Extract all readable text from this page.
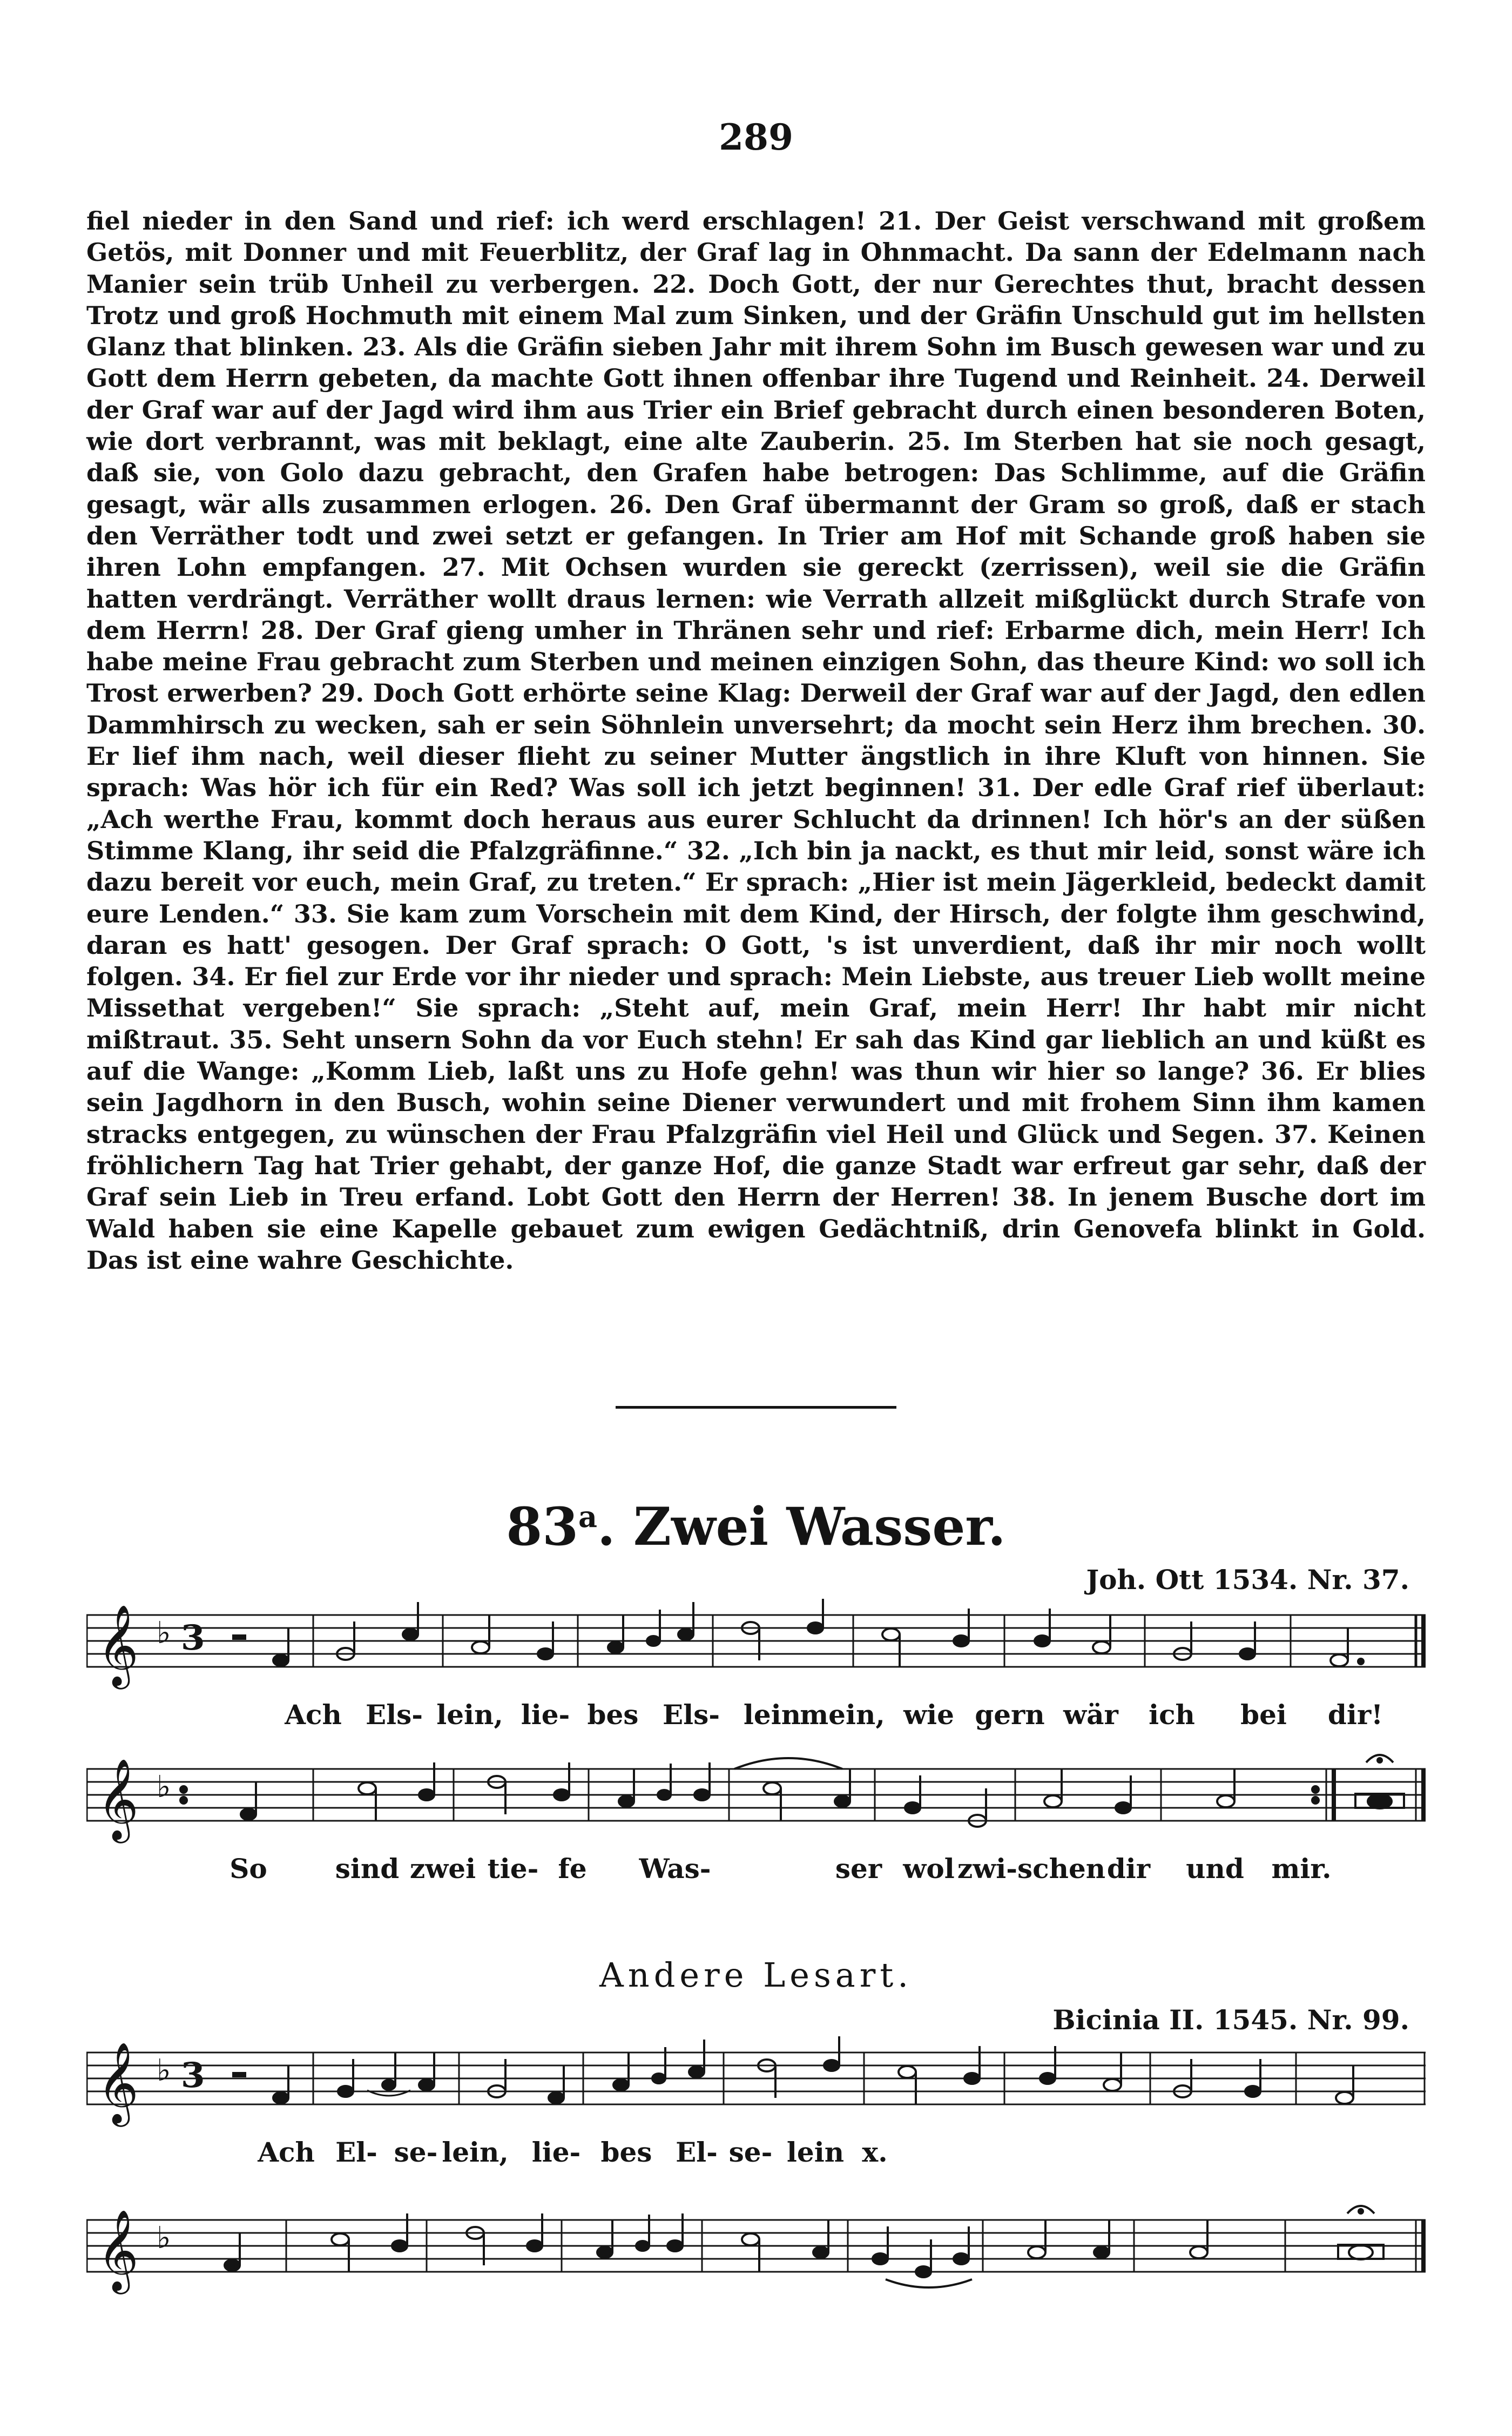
289

fiel nieder in den Sand und rief: ich werd erschlagen! 21. Der Geist verschwand mit großem Getös, mit Donner und mit Feuerblitz, der Graf lag in Ohnmacht. Da sann der Edelmann nach Manier sein trüb Unheil zu verbergen. 22. Doch Gott, der nur Gerechtes thut, bracht dessen Trotz und groß Hochmuth mit einem Mal zum Sinken, und der Gräfin Unschuld gut im hellsten Glanz that blinken. 23. Als die Gräfin sieben Jahr mit ihrem Sohn im Busch gewesen war und zu Gott dem Herrn gebeten, da machte Gott ihnen offenbar ihre Tugend und Reinheit. 24. Derweil der Graf war auf der Jagd wird ihm aus Trier ein Brief gebracht durch einen besonderen Boten, wie dort verbrannt, was mit beklagt, eine alte Zauberin. 25. Im Sterben hat sie noch gesagt, daß sie, von Golo dazu gebracht, den Grafen habe betrogen: Das Schlimme, auf die Gräfin gesagt, wär alls zusammen erlogen. 26. Den Graf übermannt der Gram so groß, daß er stach den Verräther todt und zwei setzt er gefangen. In Trier am Hof mit Schande groß haben sie ihren Lohn empfangen. 27. Mit Ochsen wurden sie gereckt (zerrissen), weil sie die Gräfin hatten verdrängt. Verräther wollt draus lernen: wie Verrath allzeit mißglückt durch Strafe von dem Herrn! 28. Der Graf gieng umher in Thränen sehr und rief: Erbarme dich, mein Herr! Ich habe meine Frau gebracht zum Sterben und meinen einzigen Sohn, das theure Kind: wo soll ich Trost erwerben? 29. Doch Gott erhörte seine Klag: Derweil der Graf war auf der Jagd, den edlen Dammhirsch zu wecken, sah er sein Söhnlein unversehrt; da mocht sein Herz ihm brechen. 30. Er lief ihm nach, weil dieser flieht zu seiner Mutter ängstlich in ihre Kluft von hinnen. Sie sprach: Was hör ich für ein Red? Was soll ich jetzt beginnen! 31. Der edle Graf rief überlaut: „Ach werthe Frau, kommt doch heraus aus eurer Schlucht da drinnen! Ich hör's an der süßen Stimme Klang, ihr seid die Pfalzgräfinne.“ 32. „Ich bin ja nackt, es thut mir leid, sonst wäre ich dazu bereit vor euch, mein Graf, zu treten.“ Er sprach: „Hier ist mein Jägerkleid, bedeckt damit eure Lenden.“ 33. Sie kam zum Vorschein mit dem Kind, der Hirsch, der folgte ihm geschwind, daran es hatt' gesogen. Der Graf sprach: O Gott, 's ist unverdient, daß ihr mir noch wollt folgen. 34. Er fiel zur Erde vor ihr nieder und sprach: Mein Liebste, aus treuer Lieb wollt meine Missethat vergeben!“ Sie sprach: „Steht auf, mein Graf, mein Herr! Ihr habt mir nicht mißtraut. 35. Seht unsern Sohn da vor Euch stehn! Er sah das Kind gar lieblich an und küßt es auf die Wange: „Komm Lieb, laßt uns zu Hofe gehn! was thun wir hier so lange? 36. Er blies sein Jagdhorn in den Busch, wohin seine Diener verwundert und mit frohem Sinn ihm kamen stracks entgegen, zu wünschen der Frau Pfalzgräfin viel Heil und Glück und Segen. 37. Keinen fröhlichern Tag hat Trier gehabt, der ganze Hof, die ganze Stadt war erfreut gar sehr, daß der Graf sein Lieb in Treu erfand. Lobt Gott den Herrn der Herren! 38. In jenem Busche dort im Wald haben sie eine Kapelle gebauet zum ewigen Gedächtniß, drin Genovefa blinkt in Gold. Das ist eine wahre Geschichte.

83$^a$. Zwei Wasser.
Joh. Ott 1534. Nr. 37.
𝄞 ♭ 3
Ach Els- lein, lie- bes Els- lein
mein, wie gern wär ich bei dir!
𝄞 ♭
So	sind zwei tie- fe Was-	ser wol zwi-schen dir und mir.
Andere Lesart.
Bicinia II. 1545. Nr. 99.
𝄞 ♭ 3
Ach El- se- lein, lie- bes El- se- lein x.
𝄞 ♭
